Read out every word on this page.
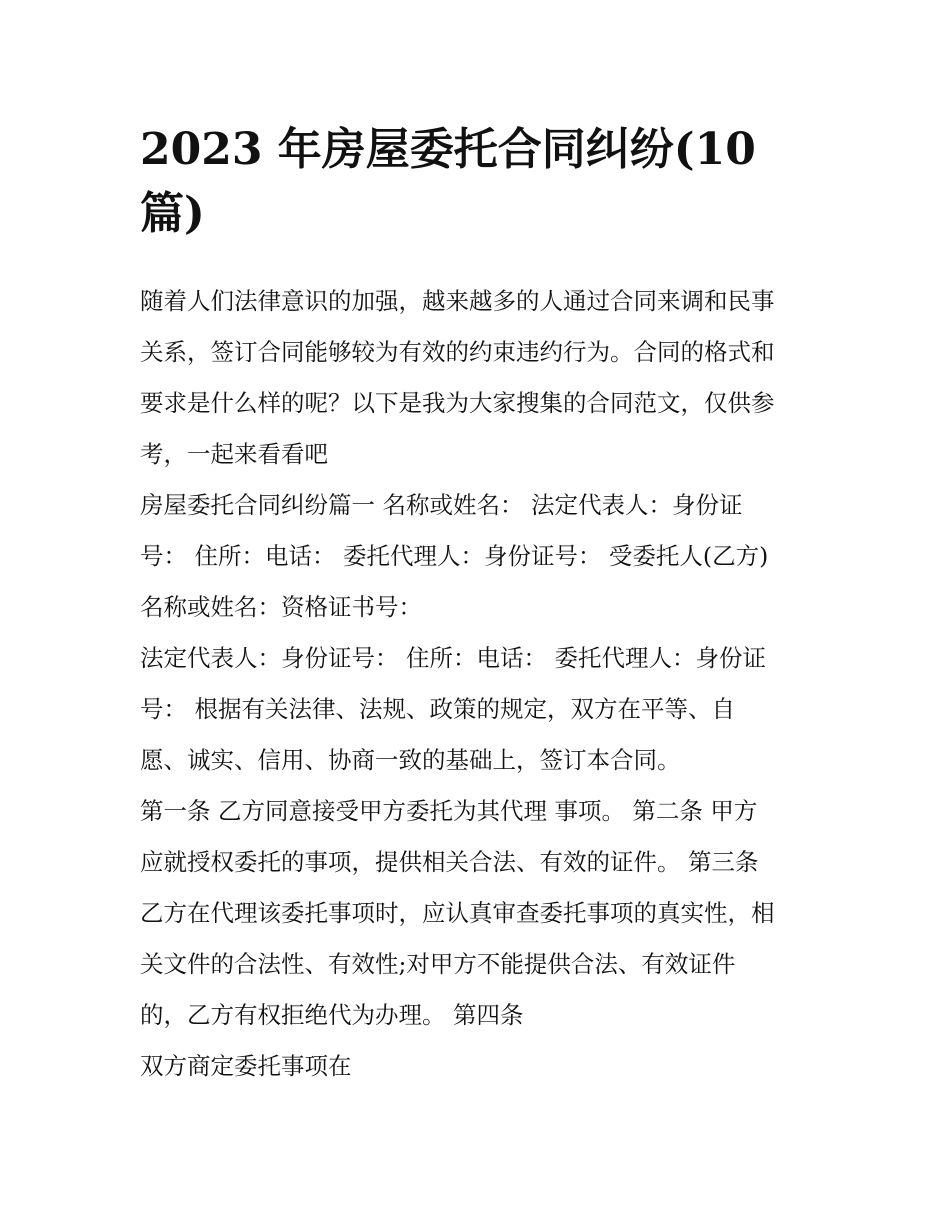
2023 年房屋委托合同纠纷(10
篇)
随着人们法律意识的加强，越来越多的人通过合同来调和民事
关系，签订合同能够较为有效的约束违约行为。合同的格式和
要求是什么样的呢？以下是我为大家搜集的合同范文，仅供参
考，一起来看看吧
房屋委托合同纠纷篇一 名称或姓名： 法定代表人：身份证
号： 住所：电话： 委托代理人：身份证号： 受委托人(乙方)
名称或姓名：资格证书号：
法定代表人：身份证号： 住所：电话： 委托代理人：身份证
号： 根据有关法律、法规、政策的规定，双方在平等、自
愿、诚实、信用、协商一致的基础上，签订本合同。
第一条 乙方同意接受甲方委托为其代理 事项。 第二条 甲方
应就授权委托的事项，提供相关合法、有效的证件。 第三条
乙方在代理该委托事项时，应认真审查委托事项的真实性，相
关文件的合法性、有效性;对甲方不能提供合法、有效证件
的，乙方有权拒绝代为办理。 第四条
双方商定委托事项在
